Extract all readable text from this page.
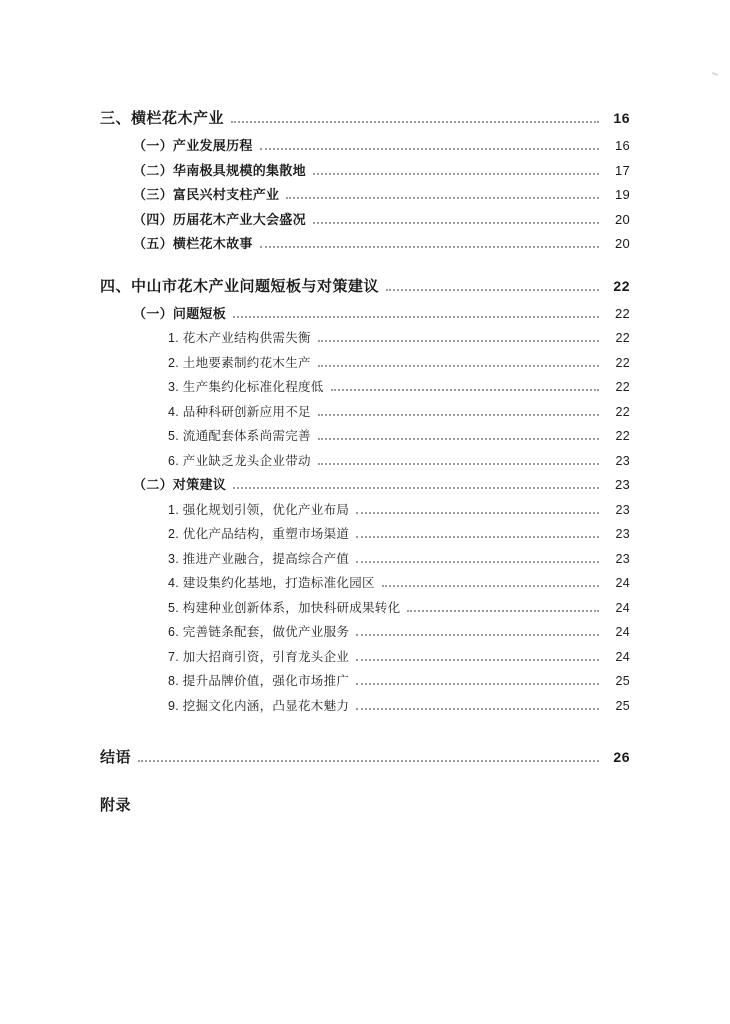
三、横栏花木产业	16
（一）产业发展历程	16
（二）华南极具规模的集散地	17
（三）富民兴村支柱产业	19
（四）历届花木产业大会盛况	20
（五）横栏花木故事	20
四、中山市花木产业问题短板与对策建议	22
（一）问题短板	22
1. 花木产业结构供需失衡	22
2. 土地要素制约花木生产	22
3. 生产集约化标准化程度低	22
4. 品种科研创新应用不足	22
5. 流通配套体系尚需完善	22
6. 产业缺乏龙头企业带动	23
（二）对策建议	23
1. 强化规划引领，优化产业布局	23
2. 优化产品结构，重塑市场渠道	23
3. 推进产业融合，提高综合产值	23
4. 建设集约化基地，打造标准化园区	24
5. 构建种业创新体系，加快科研成果转化	24
6. 完善链条配套，做优产业服务	24
7. 加大招商引资，引育龙头企业	24
8. 提升品牌价值，强化市场推广	25
9. 挖掘文化内涵，凸显花木魅力	25
结语	26
附录
